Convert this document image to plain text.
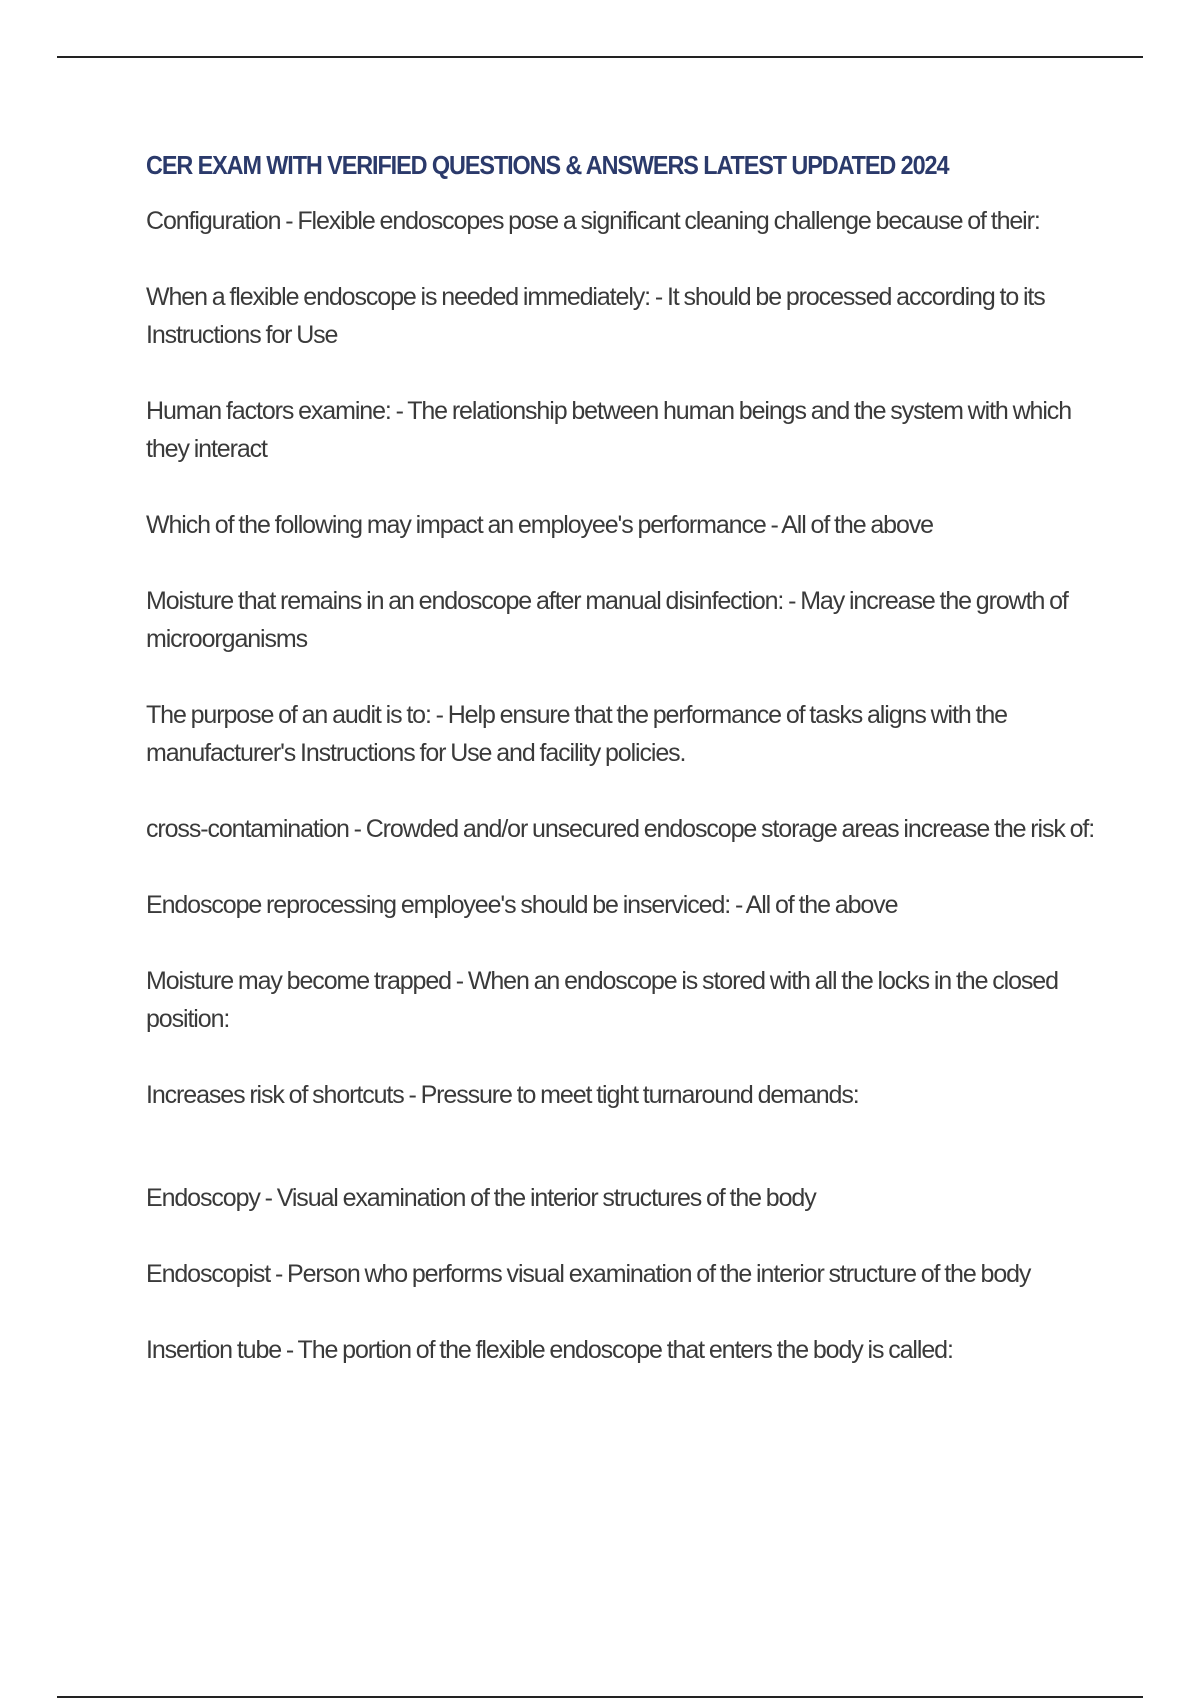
CER EXAM WITH VERIFIED QUESTIONS & ANSWERS LATEST UPDATED 2024
Configuration - Flexible endoscopes pose a significant cleaning challenge because of their:
When a flexible endoscope is needed immediately: - It should be processed according to its Instructions for Use
Human factors examine: - The relationship between human beings and the system with which they interact
Which of the following may impact an employee's performance - All of the above
Moisture that remains in an endoscope after manual disinfection: - May increase the growth of microorganisms
The purpose of an audit is to: - Help ensure that the performance of tasks aligns with the manufacturer's Instructions for Use and facility policies.
cross-contamination - Crowded and/or unsecured endoscope storage areas increase the risk of:
Endoscope reprocessing employee's should be inserviced: - All of the above
Moisture may become trapped - When an endoscope is stored with all the locks in the closed position:
Increases risk of shortcuts - Pressure to meet tight turnaround demands:
Endoscopy - Visual examination of the interior structures of the body
Endoscopist - Person who performs visual examination of the interior structure of the body
Insertion tube - The portion of the flexible endoscope that enters the body is called:
